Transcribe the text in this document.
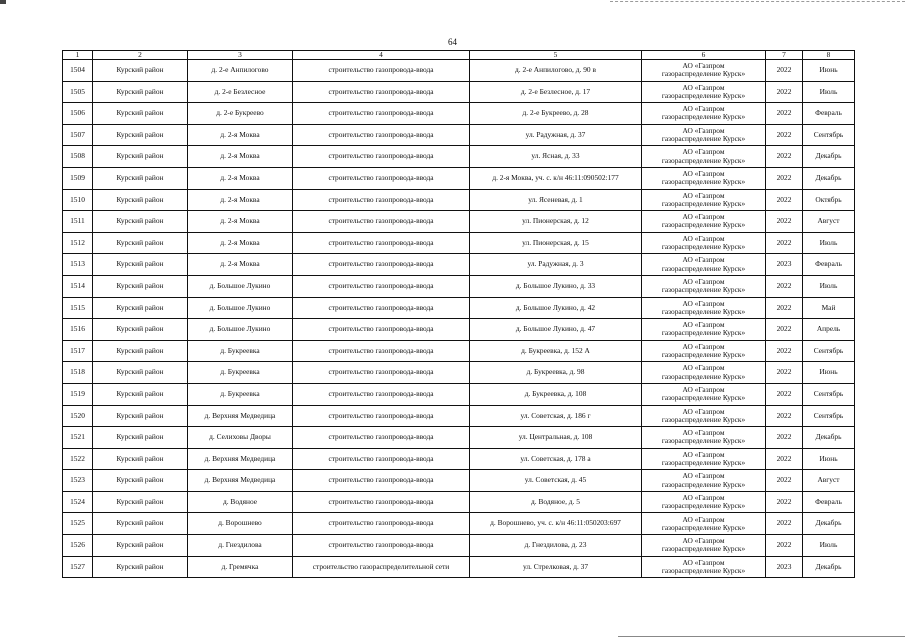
64
1	2	3	4	5	6	7	8
1504	Курский район	д. 2-е Анпилогово	строительство газопровода-ввода	д. 2-е Анпилогово, д. 90 в	АО «Газпром
газораспределение Курск»	2022	Июнь
1505	Курский район	д. 2-е Безлесное	строительство газопровода-ввода	д. 2-е Безлесное, д. 17	АО «Газпром
газораспределение Курск»	2022	Июль
1506	Курский район	д. 2-е Букреево	строительство газопровода-ввода	д. 2-е Букреево, д. 28	АО «Газпром
газораспределение Курск»	2022	Февраль
1507	Курский район	д. 2-я Моква	строительство газопровода-ввода	ул. Радужная, д. 37	АО «Газпром
газораспределение Курск»	2022	Сентябрь
1508	Курский район	д. 2-я Моква	строительство газопровода-ввода	ул. Ясная, д. 33	АО «Газпром
газораспределение Курск»	2022	Декабрь
1509	Курский район	д. 2-я Моква	строительство газопровода-ввода	д. 2-я Моква, уч. с. к/н 46:11:090502:177	АО «Газпром
газораспределение Курск»	2022	Декабрь
1510	Курский район	д. 2-я Моква	строительство газопровода-ввода	ул. Ясеневая, д. 1	АО «Газпром
газораспределение Курск»	2022	Октябрь
1511	Курский район	д. 2-я Моква	строительство газопровода-ввода	ул. Пионерская, д. 12	АО «Газпром
газораспределение Курск»	2022	Август
1512	Курский район	д. 2-я Моква	строительство газопровода-ввода	ул. Пионерская, д. 15	АО «Газпром
газораспределение Курск»	2022	Июль
1513	Курский район	д. 2-я Моква	строительство газопровода-ввода	ул. Радужная, д. 3	АО «Газпром
газораспределение Курск»	2023	Февраль
1514	Курский район	д. Большое Лукино	строительство газопровода-ввода	д. Большое Лукино, д. 33	АО «Газпром
газораспределение Курск»	2022	Июль
1515	Курский район	д. Большое Лукино	строительство газопровода-ввода	д. Большое Лукино, д. 42	АО «Газпром
газораспределение Курск»	2022	Май
1516	Курский район	д. Большое Лукино	строительство газопровода-ввода	д. Большое Лукино, д. 47	АО «Газпром
газораспределение Курск»	2022	Апрель
1517	Курский район	д. Букреевка	строительство газопровода-ввода	д. Букреевка, д. 152 А	АО «Газпром
газораспределение Курск»	2022	Сентябрь
1518	Курский район	д. Букреевка	строительство газопровода-ввода	д. Букреевка, д. 98	АО «Газпром
газораспределение Курск»	2022	Июнь
1519	Курский район	д. Букреевка	строительство газопровода-ввода	д. Букреевка, д. 108	АО «Газпром
газораспределение Курск»	2022	Сентябрь
1520	Курский район	д. Верхняя Медведица	строительство газопровода-ввода	ул. Советская, д. 186 г	АО «Газпром
газораспределение Курск»	2022	Сентябрь
1521	Курский район	д. Селиховы Дворы	строительство газопровода-ввода	ул. Центральная, д. 108	АО «Газпром
газораспределение Курск»	2022	Декабрь
1522	Курский район	д. Верхняя Медведица	строительство газопровода-ввода	ул. Советская, д. 178 а	АО «Газпром
газораспределение Курск»	2022	Июнь
1523	Курский район	д. Верхняя Медведица	строительство газопровода-ввода	ул. Советская, д. 45	АО «Газпром
газораспределение Курск»	2022	Август
1524	Курский район	д. Водяное	строительство газопровода-ввода	д. Водяное, д. 5	АО «Газпром
газораспределение Курск»	2022	Февраль
1525	Курский район	д. Ворошнево	строительство газопровода-ввода	д. Ворошнево, уч. с. к/н 46:11:050203:697	АО «Газпром
газораспределение Курск»	2022	Декабрь
1526	Курский район	д. Гнездилова	строительство газопровода-ввода	д. Гнездилова, д. 23	АО «Газпром
газораспределение Курск»	2022	Июль
1527	Курский район	д. Гремячка	строительство газораспределительной сети	ул. Стрелковая, д. 37	АО «Газпром
газораспределение Курск»	2023	Декабрь
